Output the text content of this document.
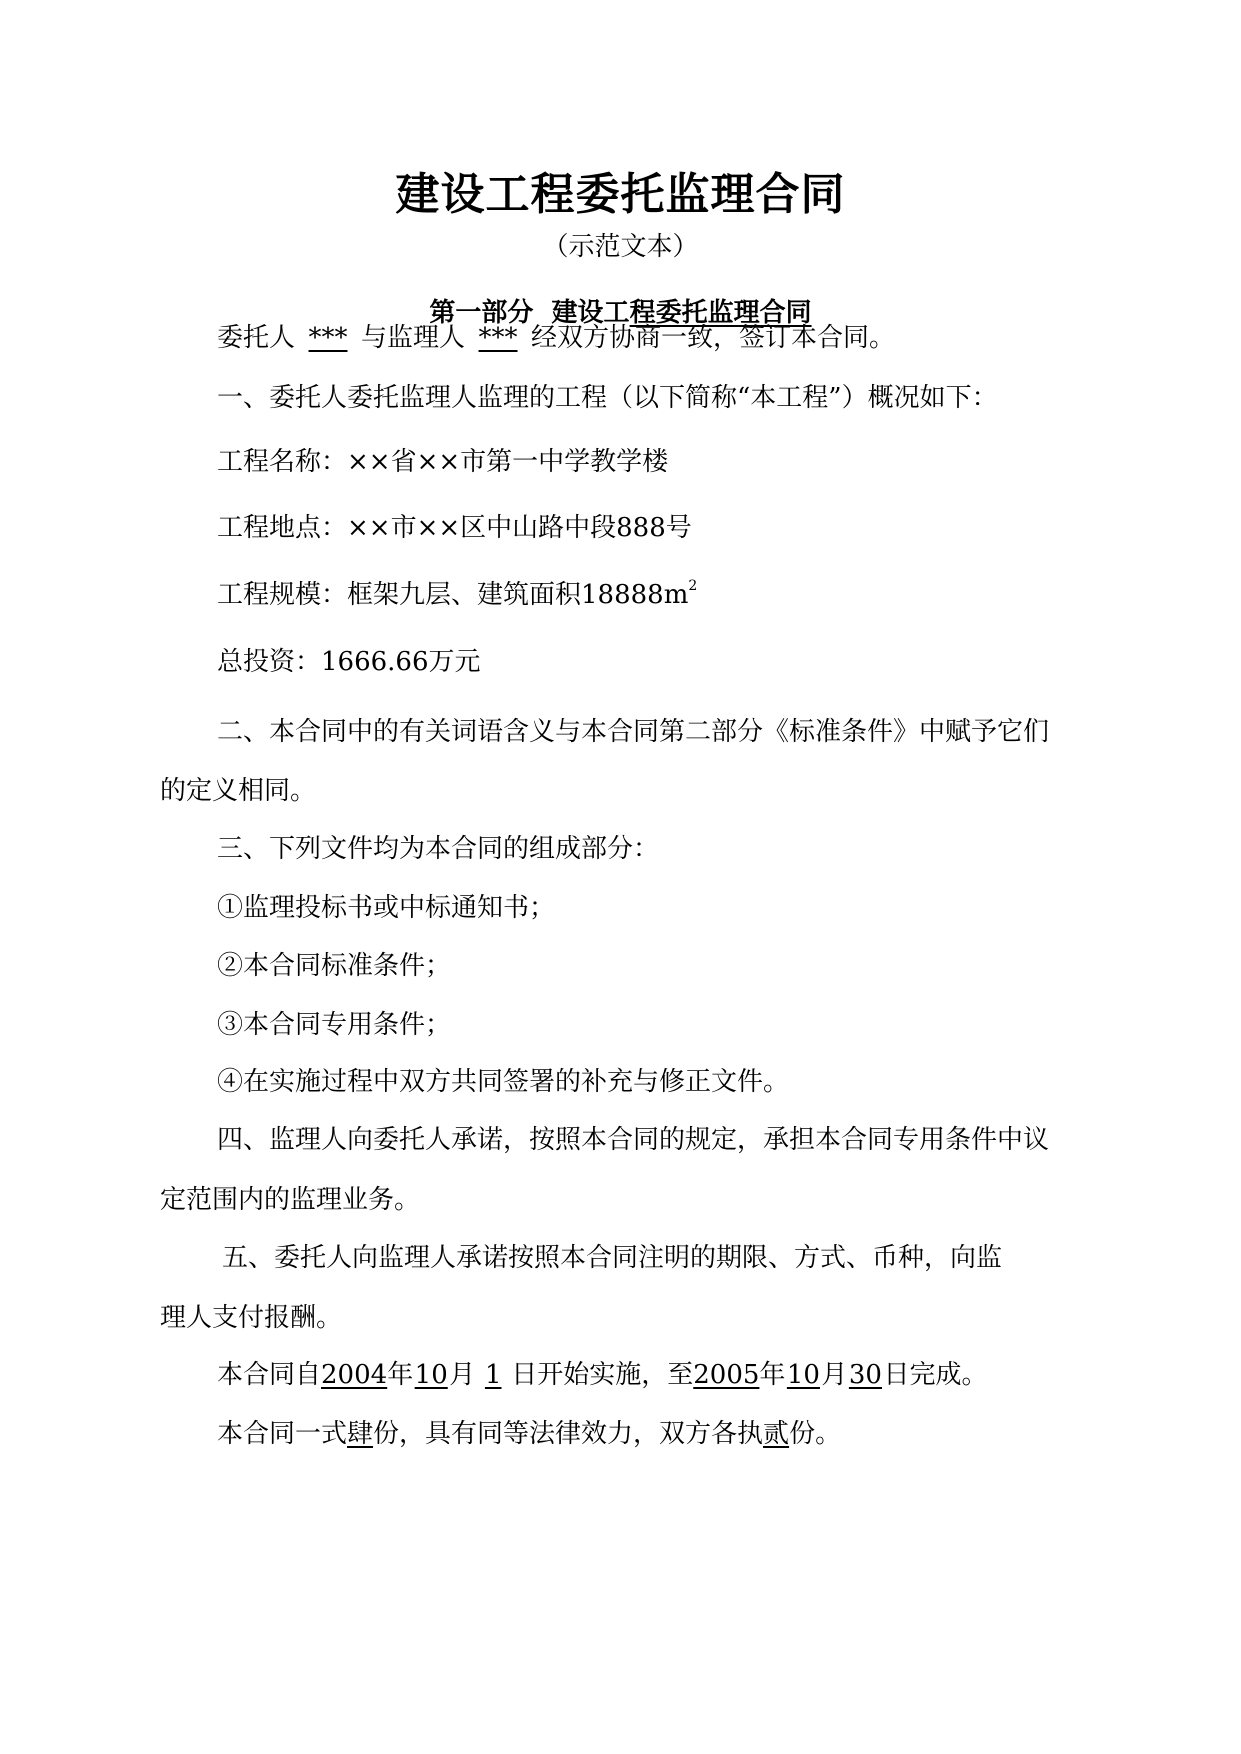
建设工程委托监理合同
（示范文本）
第一部分 建设工程委托监理合同
委托人 *** 与监理人 *** 经双方协商一致，签订本合同。
一、委托人委托监理人监理的工程（以下简称“本工程”）概况如下：
工程名称：××省××市第一中学教学楼
工程地点：××市××区中山路中段888号
工程规模：框架九层、建筑面积$18888m^2$
总投资：1666.66万元
二、本合同中的有关词语含义与本合同第二部分《标准条件》中赋予它们
的定义相同。
三、下列文件均为本合同的组成部分：
①监理投标书或中标通知书；
②本合同标准条件；
③本合同专用条件；
④在实施过程中双方共同签署的补充与修正文件。
四、监理人向委托人承诺，按照本合同的规定，承担本合同专用条件中议
定范围内的监理业务。
五、委托人向监理人承诺按照本合同注明的期限、方式、币种，向监
理人支付报酬。
本合同自2004年10月 1 日开始实施，至2005年10月30日完成。
本合同一式肆份，具有同等法律效力，双方各执贰份。
